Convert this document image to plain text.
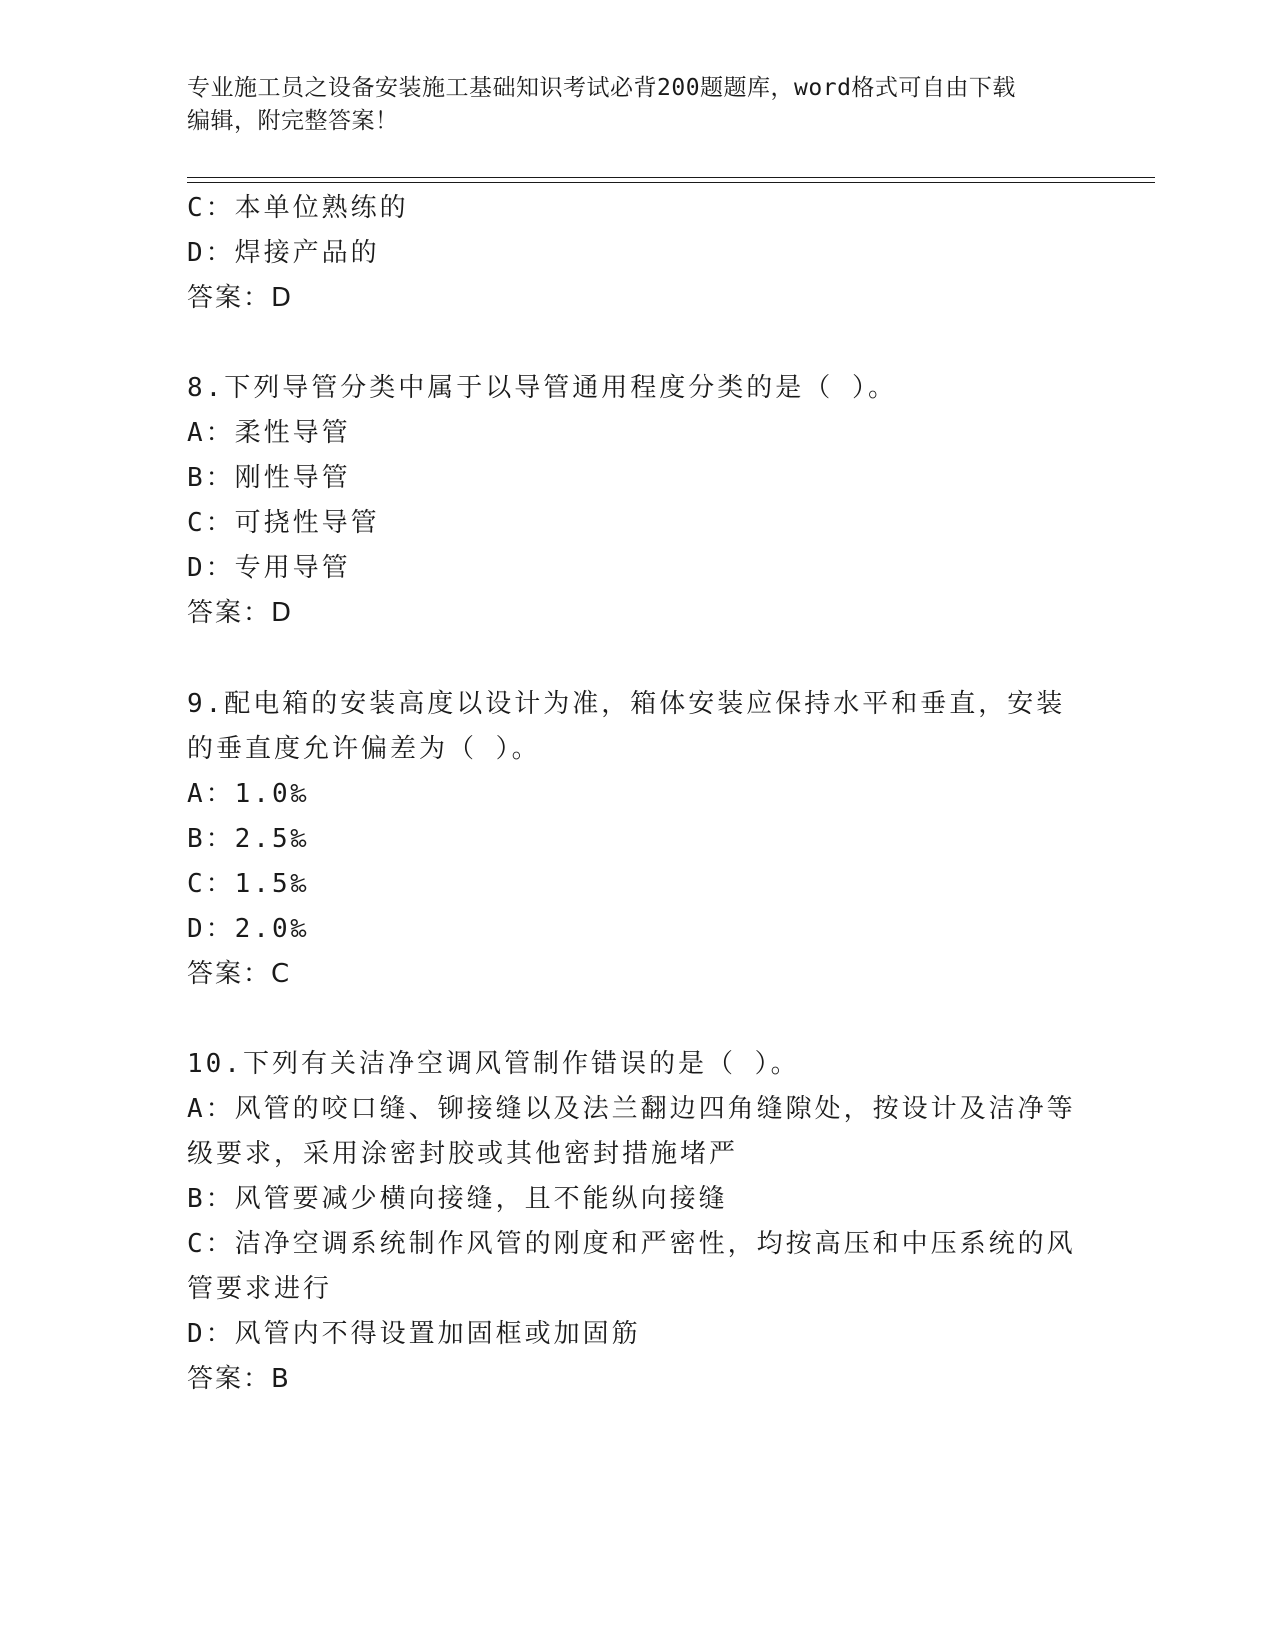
专业施工员之设备安装施工基础知识考试必背200题题库，word格式可自由下载
编辑，附完整答案！
C：本单位熟练的
D：焊接产品的
答案：D
8.下列导管分类中属于以导管通用程度分类的是（ ）。
A：柔性导管
B：刚性导管
C：可挠性导管
D：专用导管
答案：D
9.配电箱的安装高度以设计为准，箱体安装应保持水平和垂直，安装
的垂直度允许偏差为（ ）。
A：1.0‰
B：2.5‰
C：1.5‰
D：2.0‰
答案：C
10.下列有关洁净空调风管制作错误的是（ ）。
A：风管的咬口缝、铆接缝以及法兰翻边四角缝隙处，按设计及洁净等
级要求，采用涂密封胶或其他密封措施堵严
B：风管要减少横向接缝，且不能纵向接缝
C：洁净空调系统制作风管的刚度和严密性，均按高压和中压系统的风
管要求进行
D：风管内不得设置加固框或加固筋
答案：B
